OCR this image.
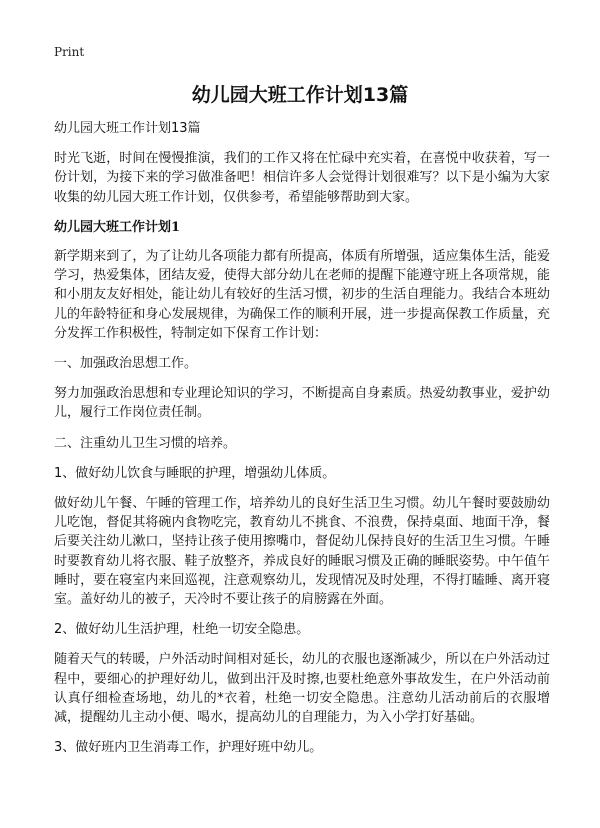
Print
幼儿园大班工作计划13篇

幼儿园大班工作计划13篇

时光飞逝，时间在慢慢推演，我们的工作又将在忙碌中充实着，在喜悦中收获着，写一份计划，为接下来的学习做准备吧！相信许多人会觉得计划很难写？以下是小编为大家收集的幼儿园大班工作计划，仅供参考，希望能够帮助到大家。

幼儿园大班工作计划1

新学期来到了，为了让幼儿各项能力都有所提高，体质有所增强，适应集体生活，能爱学习，热爱集体，团结友爱，使得大部分幼儿在老师的提醒下能遵守班上各项常规，能和小朋友友好相处，能让幼儿有较好的生活习惯，初步的生活自理能力。我结合本班幼儿的年龄特征和身心发展规律，为确保工作的顺利开展，进一步提高保教工作质量，充分发挥工作积极性，特制定如下保育工作计划：

一、加强政治思想工作。

努力加强政治思想和专业理论知识的学习，不断提高自身素质。热爱幼教事业，爱护幼儿，履行工作岗位责任制。

二、注重幼儿卫生习惯的培养。

1、做好幼儿饮食与睡眠的护理，增强幼儿体质。

做好幼儿午餐、午睡的管理工作，培养幼儿的良好生活卫生习惯。幼儿午餐时要鼓励幼儿吃饱，督促其将碗内食物吃完，教育幼儿不挑食、不浪费，保持桌面、地面干净，餐后要关注幼儿漱口，坚持让孩子使用擦嘴巾，督促幼儿保持良好的生活卫生习惯。午睡时要教育幼儿将衣服、鞋子放整齐，养成良好的睡眠习惯及正确的睡眠姿势。中午值午睡时，要在寝室内来回巡视，注意观察幼儿，发现情况及时处理，不得打瞌睡、离开寝室。盖好幼儿的被子，天冷时不要让孩子的肩膀露在外面。

2、做好幼儿生活护理，杜绝一切安全隐患。

随着天气的转暖，户外活动时间相对延长，幼儿的衣服也逐渐减少，所以在户外活动过程中，要细心的护理好幼儿，做到出汗及时擦,也要杜绝意外事故发生，在户外活动前认真仔细检查场地，幼儿的*衣着，杜绝一切安全隐患。注意幼儿活动前后的衣服增减，提醒幼儿主动小便、喝水，提高幼儿的自理能力，为入小学打好基础。

3、做好班内卫生消毒工作，护理好班中幼儿。
